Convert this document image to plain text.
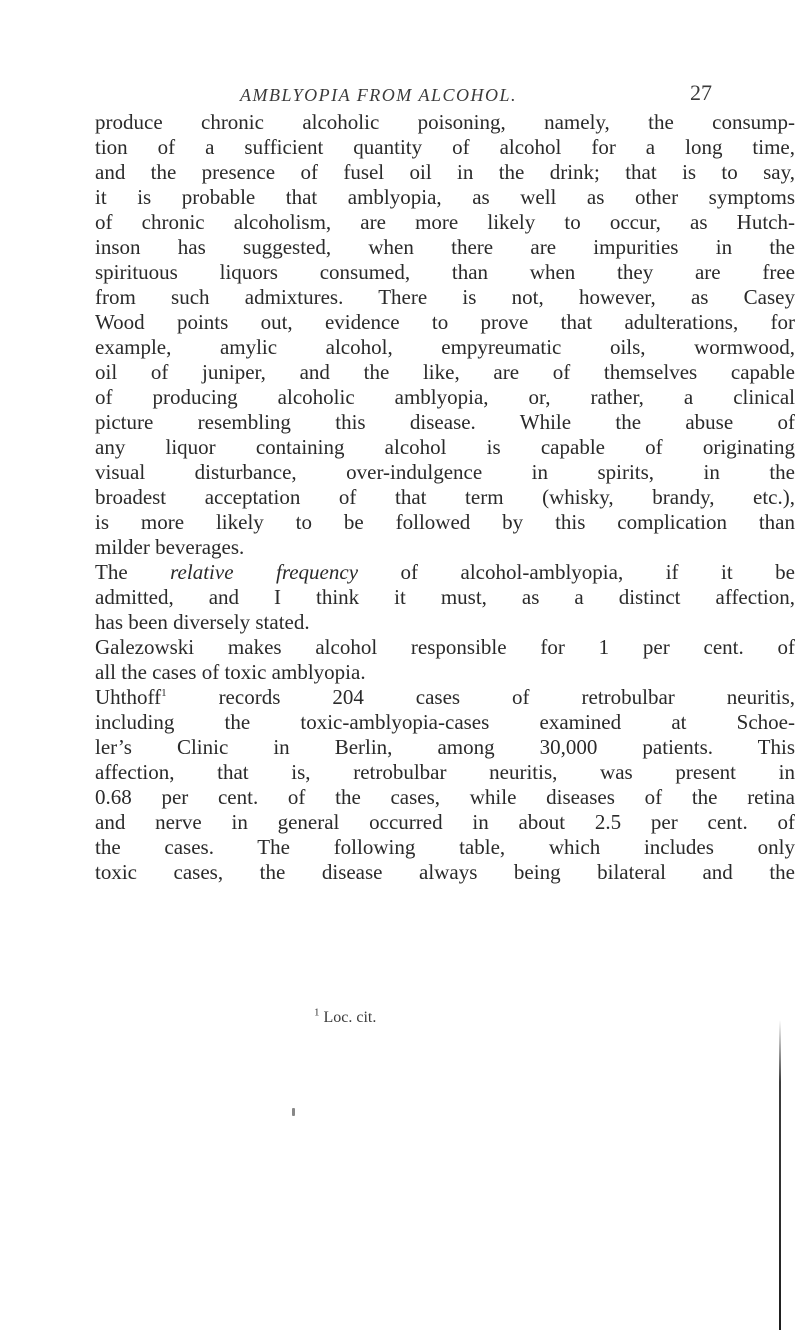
AMBLYOPIA FROM ALCOHOL.	27
produce chronic alcoholic poisoning, namely, the consump-
tion of a sufficient quantity of alcohol for a long time,
and the presence of fusel oil in the drink; that is to say,
it is probable that amblyopia, as well as other symptoms
of chronic alcoholism, are more likely to occur, as Hutch-
inson has suggested, when there are impurities in the
spirituous liquors consumed, than when they are free
from such admixtures. There is not, however, as Casey
Wood points out, evidence to prove that adulterations, for
example, amylic alcohol, empyreumatic oils, wormwood,
oil of juniper, and the like, are of themselves capable
of producing alcoholic amblyopia, or, rather, a clinical
picture resembling this disease. While the abuse of
any liquor containing alcohol is capable of originating
visual disturbance, over-indulgence in spirits, in the
broadest acceptation of that term (whisky, brandy, etc.),
is more likely to be followed by this complication than
milder beverages.
The relative frequency of alcohol-amblyopia, if it be
admitted, and I think it must, as a distinct affection,
has been diversely stated.
Galezowski makes alcohol responsible for 1 per cent. of
all the cases of toxic amblyopia.
Uhthoff$^1$ records 204 cases of retrobulbar neuritis,
including the toxic-amblyopia-cases examined at Schoe-
ler’s Clinic in Berlin, among 30,000 patients. This
affection, that is, retrobulbar neuritis, was present in
0.68 per cent. of the cases, while diseases of the retina
and nerve in general occurred in about 2.5 per cent. of
the cases. The following table, which includes only
toxic cases, the disease always being bilateral and the
$^1$ Loc. cit.
